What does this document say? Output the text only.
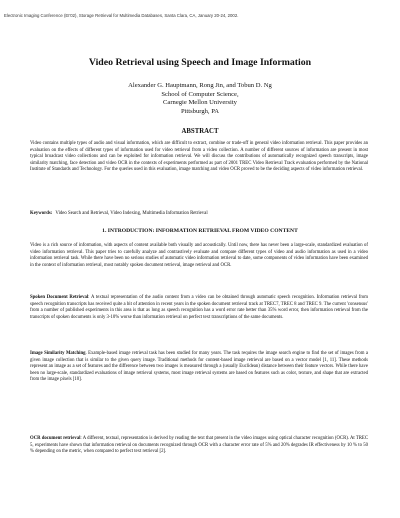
Electronic Imaging Conference (EI'02), Storage Retrieval for Multimedia Databases, Santa Clara, CA, January 20-24, 2002.
Video Retrieval using Speech and Image Information
Alexander G. Hauptmann, Rong Jin, and Tobun D. Ng
School of Computer Science,
Carnegie Mellon University
Pittsburgh, PA
ABSTRACT
Video contains multiple types of audio and visual information, which are difficult to extract, combine or trade-off in general video information retrieval. This paper provides an evaluation on the effects of different types of information used for video retrieval from a video collection. A number of different sources of information are present in most typical broadcast video collections and can be exploited for information retrieval. We will discuss the contributions of automatically recognized speech transcripts, image similarity matching, face detection and video OCR in the contexts of experiments performed as part of 2001 TREC Video Retrieval Track evaluation performed by the National Institute of Standards and Technology. For the queries used in this evaluation, image matching and video OCR proved to be the deciding aspects of video information retrieval.
Keywords: Video Search and Retrieval, Video Indexing, Multimedia Information Retrieval
1. INTRODUCTION: INFORMATION RETRIEVAL FROM VIDEO CONTENT
Video is a rich source of information, with aspects of content available both visually and acoustically. Until now, there has never been a large-scale, standardized evaluation of video information retrieval. This paper tries to carefully analyze and contrastively evaluate and compare different types of video and audio information as used in a video information retrieval task. While there have been no serious studies of automatic video information retrieval to date, some components of video information have been examined in the context of information retrieval, most notably spoken document retrieval, image retrieval and OCR.
Spoken Document Retrieval: A textual representation of the audio content from a video can be obtained through automatic speech recognition. Information retrieval from speech recognition transcripts has received quite a bit of attention in recent years in the spoken document retrieval track at TREC7, TREC 8 and TREC 9. The current 'consensus' from a number of published experiments in this area is that as long as speech recognition has a word error rate better than 35% word error, then information retrieval from the transcripts of spoken documents is only 3-10% worse than information retrieval on perfect text transcriptions of the same documents.
Image Similarity Matching. Example-based image retrieval task has been studied for many years. The task requires the image search engine to find the set of images from a given image collection that is similar to the given query image. Traditional methods for content-based image retrieval are based on a vector model [1, 11]. These methods represent an image as a set of features and the difference between two images is measured through a (usually Euclidean) distance between their feature vectors. While there have been no large-scale, standardized evaluations of image retrieval systems, most image retrieval systems are based on features such as color, texture, and shape that are extracted from the image pixels [10].
OCR document retrieval: A different, textual, representation is derived by reading the text that present in the video images using optical character recognition (OCR). At TREC 5, experiments have shown that information retrieval on documents recognized through OCR with a character error rate of 5% and 20% degrades IR effectiveness by 10 % to 50 % depending on the metric, when compared to perfect text retrieval [2].
